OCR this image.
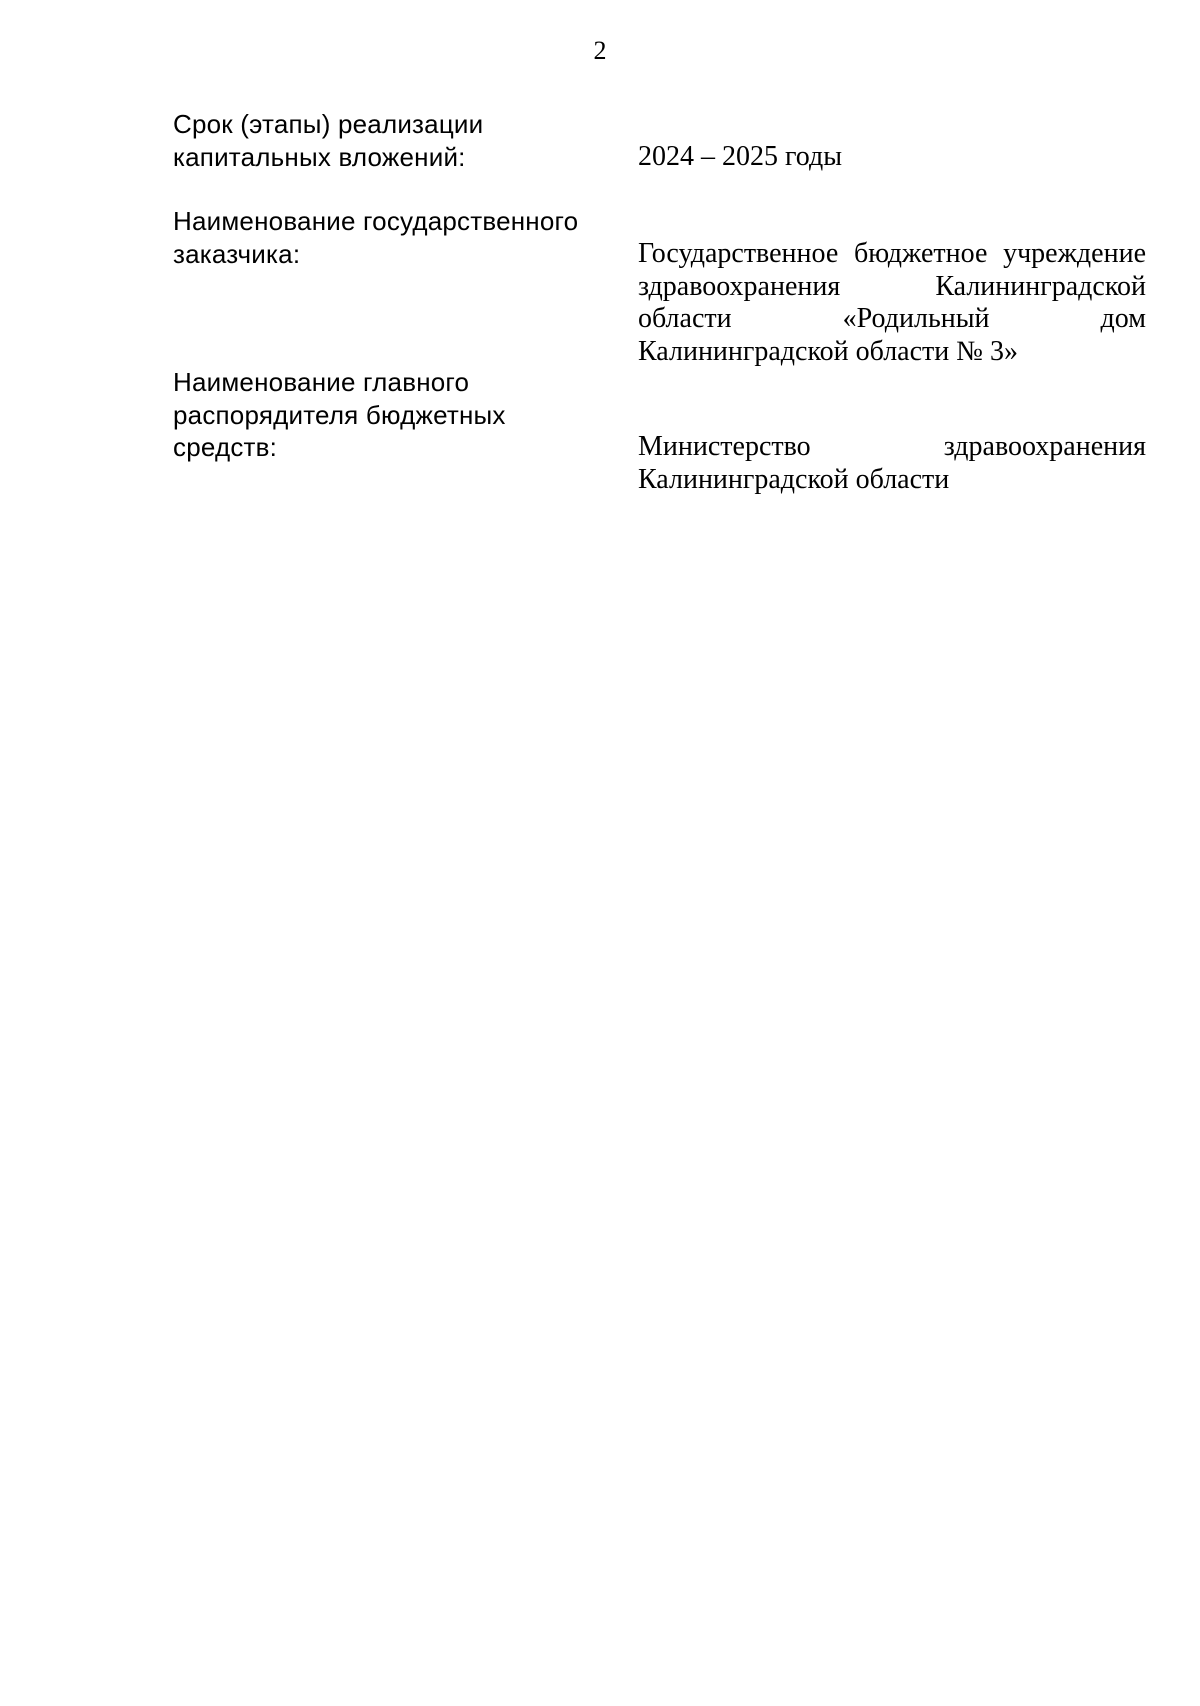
2
Срок (этапы) реализации
капитальных вложений:	2024 – 2025 годы
Наименование государственного
заказчика:	Государственное бюджетное учреждение
здравоохранения Калининградской
области «Родильный дом
Калининградской области № 3»
Наименование главного
распорядителя бюджетных
средств:	Министерство здравоохранения
Калининградской области
